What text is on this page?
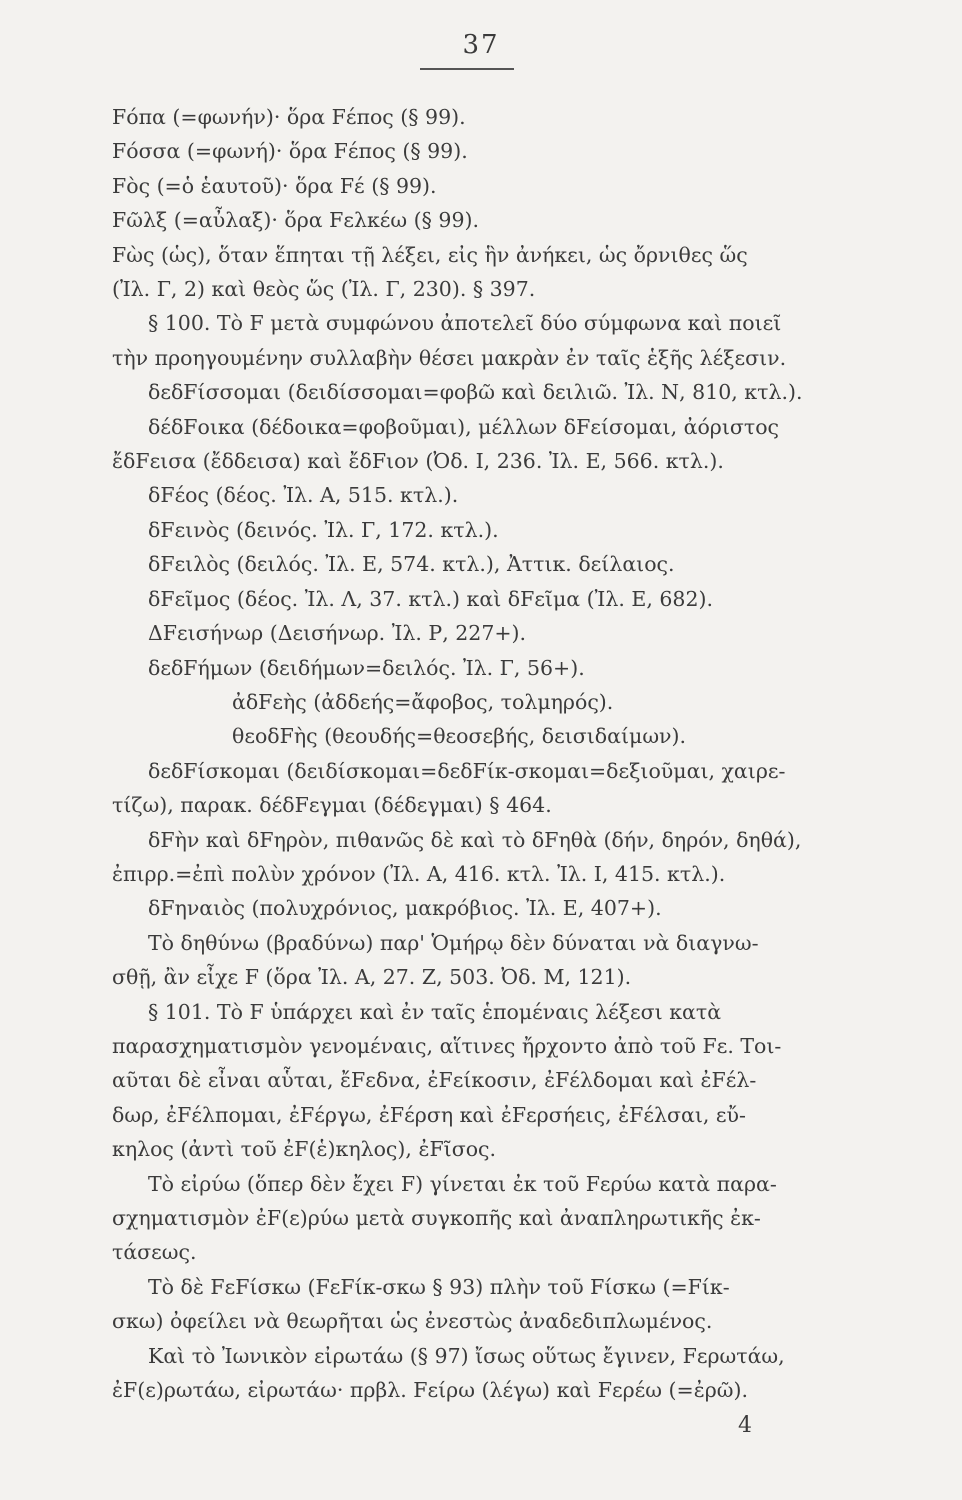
37
Fόπα (=φωνήν)· ὅρα Fέπος (§ 99).
Fόσσα (=φωνή)· ὅρα Fέπος (§ 99).
Fὸς (=ὁ ἑαυτοῦ)· ὅρα Fέ (§ 99).
Fῶλξ (=αὖλαξ)· ὅρα Fελκέω (§ 99).
Fὼς (ὡς), ὅταν ἕπηται τῇ λέξει, εἰς ἣν ἀνήκει, ὡς ὄρνιθες ὥς
(Ἰλ. Γ, 2) καὶ θεὸς ὥς (Ἰλ. Γ, 230). § 397.
§ 100. Τὸ F μετὰ συμφώνου ἀποτελεῖ δύο σύμφωνα καὶ ποιεῖ
τὴν προηγουμένην συλλαβὴν θέσει μακρὰν ἐν ταῖς ἑξῆς λέξεσιν.
δεδFίσσομαι (δειδίσσομαι=φοβῶ καὶ δειλιῶ. Ἰλ. Ν, 810, κτλ.).
δέδFοικα (δέδοικα=φοβοῦμαι), μέλλων δFείσομαι, ἀόριστος
ἔδFεισα (ἔδδεισα) καὶ ἔδFιον (Ὀδ. Ι, 236. Ἰλ. Ε, 566. κτλ.).
δFέος (δέος. Ἰλ. Α, 515. κτλ.).
δFεινὸς (δεινός. Ἰλ. Γ, 172. κτλ.).
δFειλὸς (δειλός. Ἰλ. Ε, 574. κτλ.), Ἀττικ. δείλαιος.
δFεῖμος (δέος. Ἰλ. Λ, 37. κτλ.) καὶ δFεῖμα (Ἰλ. Ε, 682).
ΔFεισήνωρ (Δεισήνωρ. Ἰλ. Ρ, 227+).
δεδFήμων (δειδήμων=δειλός. Ἰλ. Γ, 56+).
ἀδFεὴς (ἀδδεής=ἄφοβος, τολμηρός).
θεοδFὴς (θεουδής=θεοσεβής, δεισιδαίμων).
δεδFίσκομαι (δειδίσκομαι=δεδFίκ-σκομαι=δεξιοῦμαι, χαιρε-
τίζω), παρακ. δέδFεγμαι (δέδεγμαι) § 464.
δFὴν καὶ δFηρὸν, πιθανῶς δὲ καὶ τὸ δFηθὰ (δήν, δηρόν, δηθά),
ἐπιρρ.=ἐπὶ πολὺν χρόνον (Ἰλ. Α, 416. κτλ. Ἰλ. Ι, 415. κτλ.).
δFηναιὸς (πολυχρόνιος, μακρόβιος. Ἰλ. Ε, 407+).
Τὸ δηθύνω (βραδύνω) παρ' Ὁμήρῳ δὲν δύναται νὰ διαγνω-
σθῇ, ἂν εἶχε F (ὅρα Ἰλ. Α, 27. Ζ, 503. Ὀδ. Μ, 121).
§ 101. Τὸ F ὑπάρχει καὶ ἐν ταῖς ἑπομέναις λέξεσι κατὰ
παρασχηματισμὸν γενομέναις, αἵτινες ἤρχοντο ἀπὸ τοῦ Fε. Τοι-
αῦται δὲ εἶναι αὗται, ἔFεδνα, ἐFείκοσιν, ἐFέλδομαι καὶ ἐFέλ-
δωρ, ἐFέλπομαι, ἐFέργω, ἐFέρση καὶ ἐFερσήεις, ἐFέλσαι, εὔ-
κηλος (ἀντὶ τοῦ ἐF(ἑ)κηλος), ἐFῖσος.
Τὸ εἰρύω (ὅπερ δὲν ἔχει F) γίνεται ἐκ τοῦ Fερύω κατὰ παρα-
σχηματισμὸν ἐF(ε)ρύω μετὰ συγκοπῆς καὶ ἀναπληρωτικῆς ἐκ-
τάσεως.
Τὸ δὲ FεFίσκω (FεFίκ-σκω § 93) πλὴν τοῦ Fίσκω (=Fίκ-
σκω) ὀφείλει νὰ θεωρῆται ὡς ἐνεστὼς ἀναδεδιπλωμένος.
Καὶ τὸ Ἰωνικὸν εἰρωτάω (§ 97) ἴσως οὕτως ἔγινεν, Fερωτάω,
ἐF(ε)ρωτάω, εἰρωτάω· πρβλ. Fείρω (λέγω) καὶ Fερέω (=ἐρῶ).
4
